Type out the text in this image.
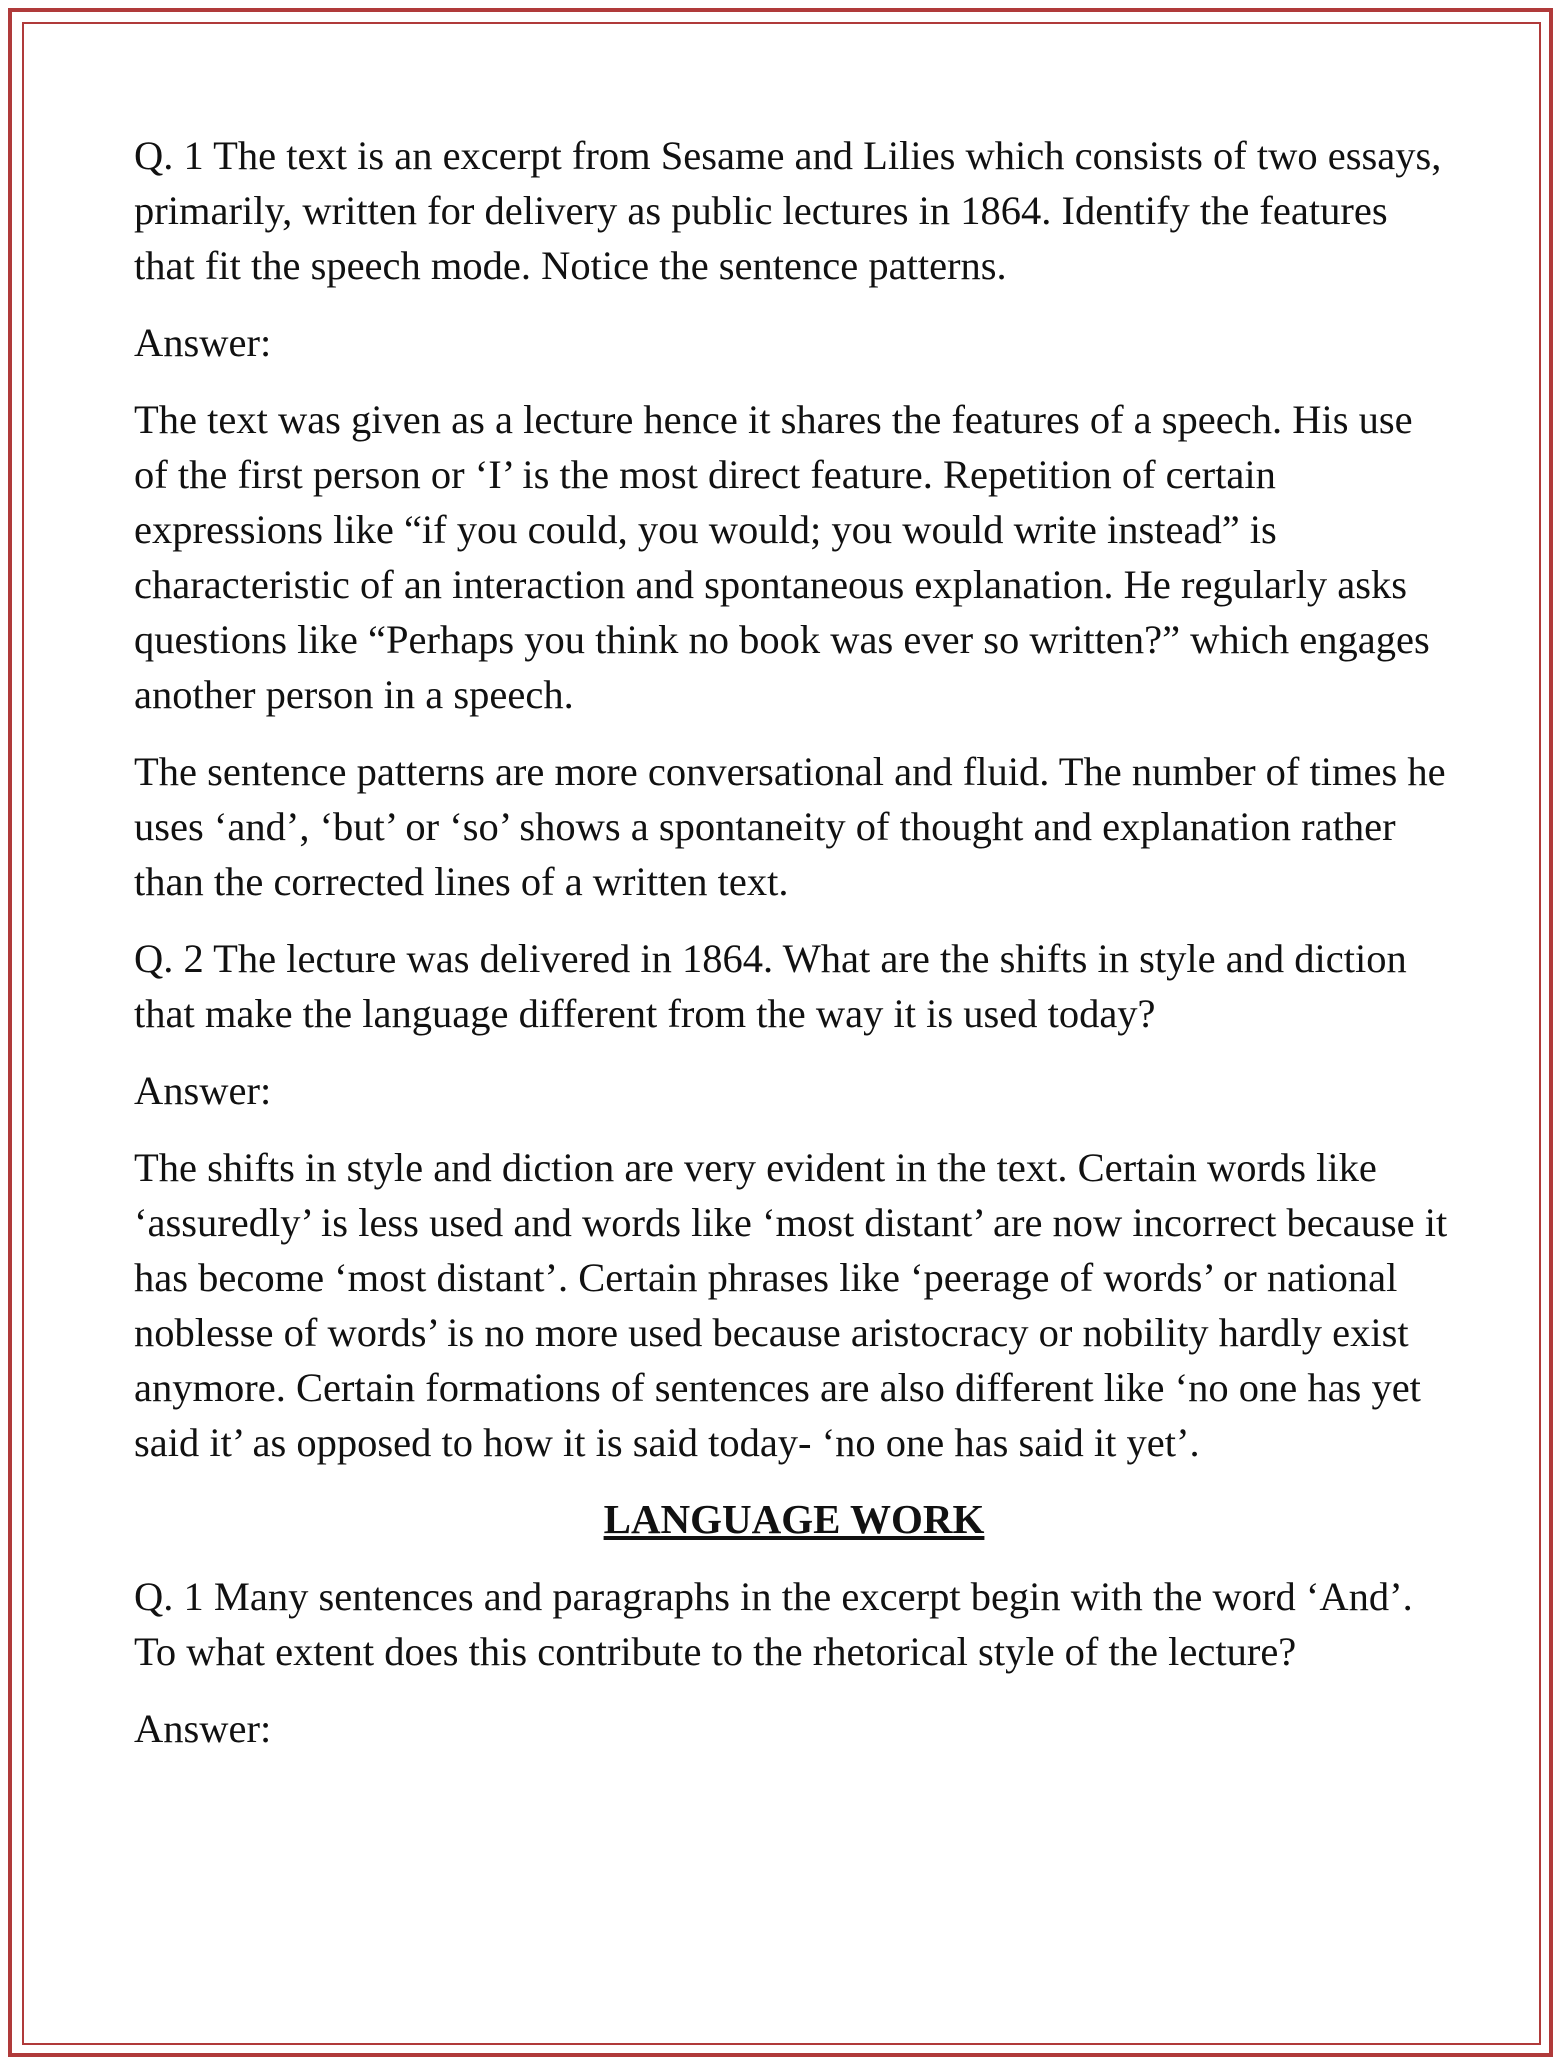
Q. 1 The text is an excerpt from Sesame and Lilies which consists of two essays, primarily, written for delivery as public lectures in 1864. Identify the features that fit the speech mode. Notice the sentence patterns.

Answer:

The text was given as a lecture hence it shares the features of a speech. His use of the first person or ‘I’ is the most direct feature. Repetition of certain expressions like “if you could, you would; you would write instead” is characteristic of an interaction and spontaneous explanation. He regularly asks questions like “Perhaps you think no book was ever so written?” which engages another person in a speech.

The sentence patterns are more conversational and fluid. The number of times he uses ‘and’, ‘but’ or ‘so’ shows a spontaneity of thought and explanation rather than the corrected lines of a written text.

Q. 2 The lecture was delivered in 1864. What are the shifts in style and diction that make the language different from the way it is used today?

Answer:

The shifts in style and diction are very evident in the text. Certain words like ‘assuredly’ is less used and words like ‘most distant’ are now incorrect because it has become ‘most distant’. Certain phrases like ‘peerage of words’ or national noblesse of words’ is no more used because aristocracy or nobility hardly exist anymore. Certain formations of sentences are also different like ‘no one has yet said it’ as opposed to how it is said today- ‘no one has said it yet’.

LANGUAGE WORK

Q. 1 Many sentences and paragraphs in the excerpt begin with the word ‘And’. To what extent does this contribute to the rhetorical style of the lecture?

Answer:
